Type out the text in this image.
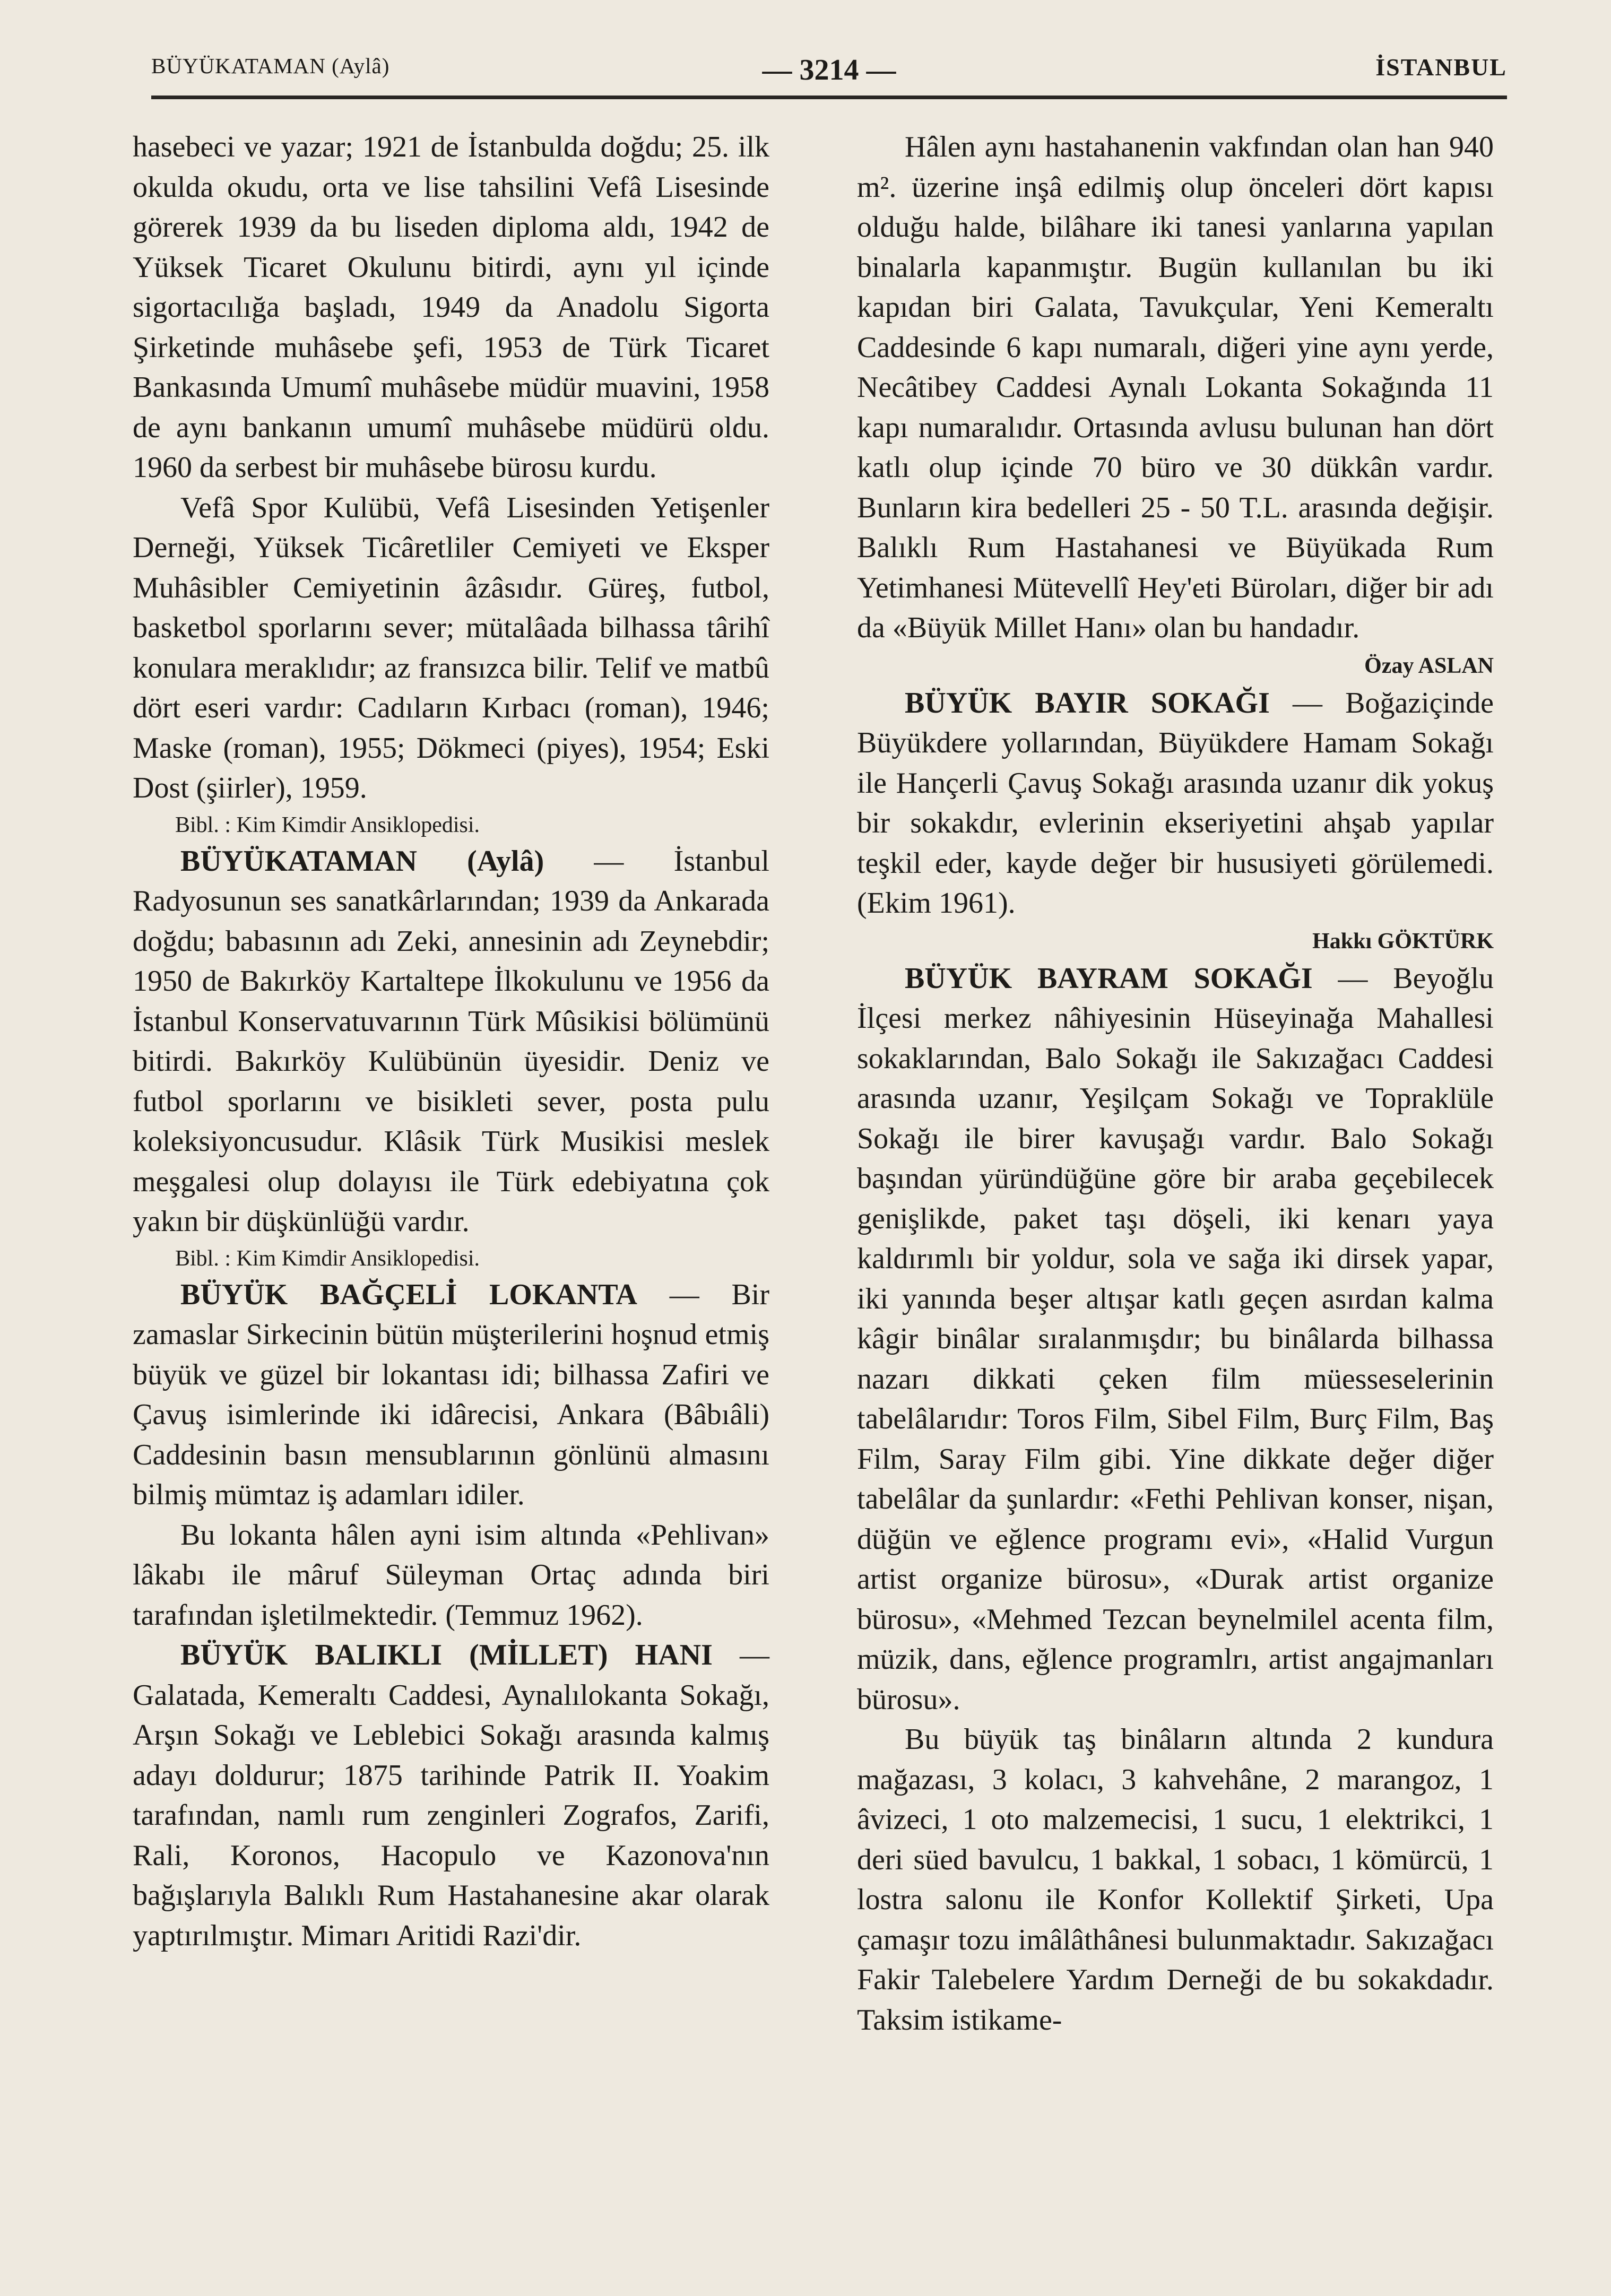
BÜYÜKATAMAN (Aylâ)	— 3214 —	İSTANBUL

hasebeci ve yazar; 1921 de İstanbulda doğdu; 25. ilk okulda okudu, orta ve lise tahsilini Vefâ Lisesinde görerek 1939 da bu liseden diploma aldı, 1942 de Yüksek Ticaret Okulunu bitirdi, aynı yıl içinde sigortacılığa başladı, 1949 da Anadolu Sigorta Şirketinde muhâsebe şefi, 1953 de Türk Ticaret Bankasında Umumî muhâsebe müdür muavini, 1958 de aynı bankanın umumî muhâsebe müdürü oldu. 1960 da serbest bir muhâsebe bürosu kurdu.

Vefâ Spor Kulübü, Vefâ Lisesinden Yetişenler Derneği, Yüksek Ticâretliler Cemiyeti ve Eksper Muhâsibler Cemiyetinin âzâsıdır. Güreş, futbol, basketbol sporlarını sever; mütalâada bilhassa târihî konulara meraklıdır; az fransızca bilir. Telif ve matbû dört eseri vardır: Cadıların Kırbacı (roman), 1946; Maske (roman), 1955; Dökmeci (piyes), 1954; Eski Dost (şiirler), 1959.

Bibl. : Kim Kimdir Ansiklopedisi.

BÜYÜKATAMAN (Aylâ) — İstanbul Radyosunun ses sanatkârlarından; 1939 da Ankarada doğdu; babasının adı Zeki, annesinin adı Zeynebdir; 1950 de Bakırköy Kartaltepe İlkokulunu ve 1956 da İstanbul Konservatuvarının Türk Mûsikisi bölümünü bitirdi. Bakırköy Kulübünün üyesidir. Deniz ve futbol sporlarını ve bisikleti sever, posta pulu koleksiyoncusudur. Klâsik Türk Musikisi meslek meşgalesi olup dolayısı ile Türk edebiyatına çok yakın bir düşkünlüğü vardır.

Bibl. : Kim Kimdir Ansiklopedisi.

BÜYÜK BAĞÇELİ LOKANTA — Bir zamaslar Sirkecinin bütün müşterilerini hoşnud etmiş büyük ve güzel bir lokantası idi; bilhassa Zafiri ve Çavuş isimlerinde iki idârecisi, Ankara (Bâbıâli) Caddesinin basın mensublarının gönlünü almasını bilmiş mümtaz iş adamları idiler.

Bu lokanta hâlen ayni isim altında «Pehlivan» lâkabı ile mâruf Süleyman Ortaç adında biri tarafından işletilmektedir. (Temmuz 1962).

BÜYÜK BALIKLI (MİLLET) HANI — Galatada, Kemeraltı Caddesi, Aynalılokanta Sokağı, Arşın Sokağı ve Leblebici Sokağı arasında kalmış adayı doldurur; 1875 tarihinde Patrik II. Yoakim tarafından, namlı rum zenginleri Zografos, Zarifi, Rali, Koronos, Hacopulo ve Kazonova'nın bağışlarıyla Balıklı Rum Hastahanesine akar olarak yaptırılmıştır. Mimarı Aritidi Razi'dir.

Hâlen aynı hastahanenin vakfından olan han 940 m². üzerine inşâ edilmiş olup önceleri dört kapısı olduğu halde, bilâhare iki tanesi yanlarına yapılan binalarla kapanmıştır. Bugün kullanılan bu iki kapıdan biri Galata, Tavukçular, Yeni Kemeraltı Caddesinde 6 kapı numaralı, diğeri yine aynı yerde, Necâtibey Caddesi Aynalı Lokanta Sokağında 11 kapı numaralıdır. Ortasında avlusu bulunan han dört katlı olup içinde 70 büro ve 30 dükkân vardır. Bunların kira bedelleri 25 - 50 T.L. arasında değişir. Balıklı Rum Hastahanesi ve Büyükada Rum Yetimhanesi Mütevellî Hey'eti Büroları, diğer bir adı da «Büyük Millet Hanı» olan bu handadır.

Özay ASLAN

BÜYÜK BAYIR SOKAĞI — Boğaziçinde Büyükdere yollarından, Büyükdere Hamam Sokağı ile Hançerli Çavuş Sokağı arasında uzanır dik yokuş bir sokakdır, evlerinin ekseriyetini ahşab yapılar teşkil eder, kayde değer bir hususiyeti görülemedi. (Ekim 1961).

Hakkı GÖKTÜRK

BÜYÜK BAYRAM SOKAĞI — Beyoğlu İlçesi merkez nâhiyesinin Hüseyinağa Mahallesi sokaklarından, Balo Sokağı ile Sakızağacı Caddesi arasında uzanır, Yeşilçam Sokağı ve Topraklüle Sokağı ile birer kavuşağı vardır. Balo Sokağı başından yüründüğüne göre bir araba geçebilecek genişlikde, paket taşı döşeli, iki kenarı yaya kaldırımlı bir yoldur, sola ve sağa iki dirsek yapar, iki yanında beşer altışar katlı geçen asırdan kalma kâgir binâlar sıralanmışdır; bu binâlarda bilhassa nazarı dikkati çeken film müesseselerinin tabelâlarıdır: Toros Film, Sibel Film, Burç Film, Baş Film, Saray Film gibi. Yine dikkate değer diğer tabelâlar da şunlardır: «Fethi Pehlivan konser, nişan, düğün ve eğlence programı evi», «Halid Vurgun artist organize bürosu», «Durak artist organize bürosu», «Mehmed Tezcan beynelmilel acenta film, müzik, dans, eğlence programlrı, artist angajmanları bürosu».

Bu büyük taş binâların altında 2 kundura mağazası, 3 kolacı, 3 kahvehâne, 2 marangoz, 1 âvizeci, 1 oto malzemecisi, 1 sucu, 1 elektrikci, 1 deri süed bavulcu, 1 bakkal, 1 sobacı, 1 kömürcü, 1 lostra salonu ile Konfor Kollektif Şirketi, Upa çamaşır tozu imâlâthânesi bulunmaktadır. Sakızağacı Fakir Talebelere Yardım Derneği de bu sokakdadır. Taksim istikame-
